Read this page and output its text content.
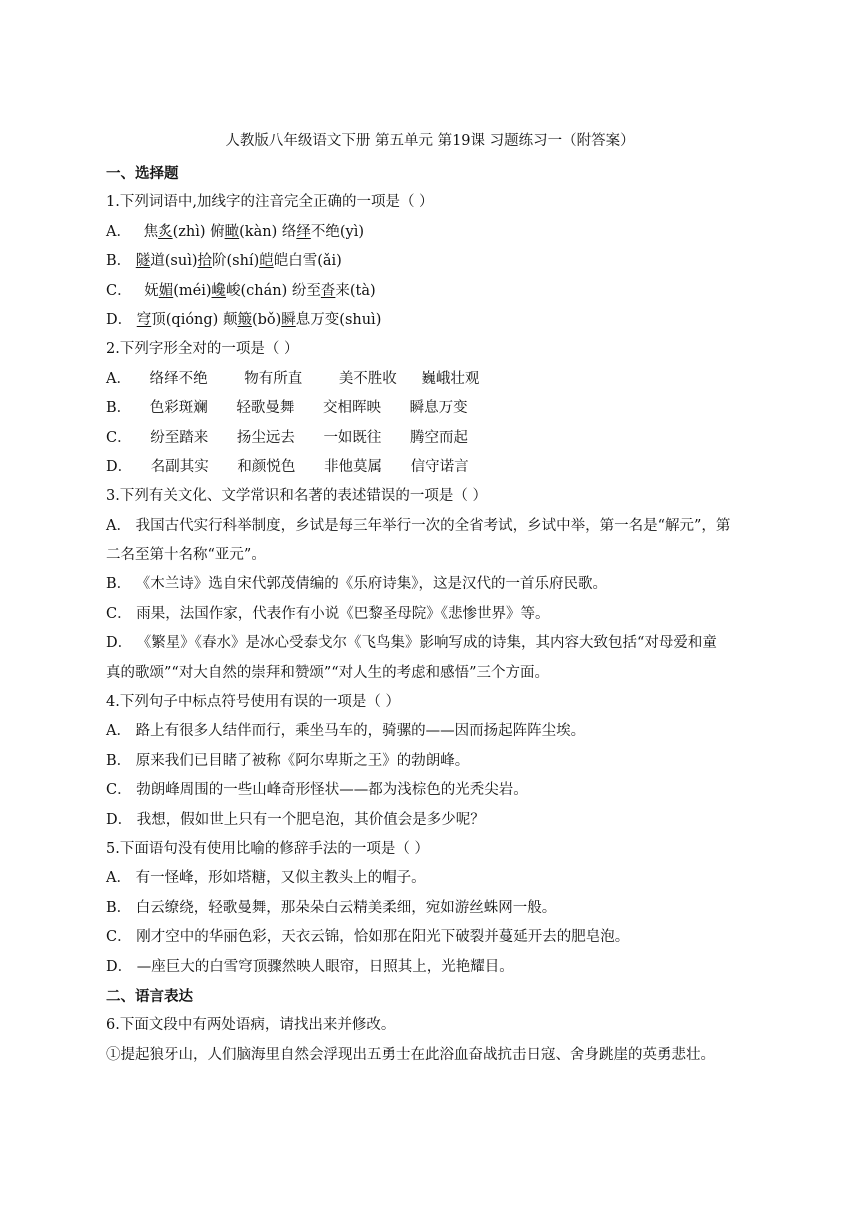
人教版八年级语文下册 第五单元 第19课 习题练习一（附答案）
一、选择题
1.下列词语中,加线字的注音完全正确的一项是（ ）
A． 焦炙(zhì) 俯瞰(kàn) 络绎不绝(yì)
B． 隧道(suì)拾阶(shí)皑皑白雪(ǎi)
C． 妩媚(méi)巉峻(chán) 纷至沓来(tà)
D． 穹顶(qióng) 颠簸(bǒ)瞬息万变(shuì)
2.下列字形全对的一项是（ ）
A． 络绎不绝	物有所直	美不胜收 巍峨壮观
B． 色彩斑斓 轻歌曼舞 交相晖映 瞬息万变
C． 纷至踏来 扬尘远去 一如既往 腾空而起
D． 名副其实 和颜悦色 非他莫属 信守诺言
3.下列有关文化、文学常识和名著的表述错误的一项是（ ）
A． 我国古代实行科举制度，乡试是每三年举行一次的全省考试，乡试中举，第一名是“解元”，第
二名至第十名称“亚元”。
B． 《木兰诗》选自宋代郭茂倩编的《乐府诗集》，这是汉代的一首乐府民歌。
C． 雨果，法国作家，代表作有小说《巴黎圣母院》《悲惨世界》等。
D． 《繁星》《春水》是冰心受泰戈尔《飞鸟集》影响写成的诗集，其内容大致包括“对母爱和童
真的歌颂”“对大自然的崇拜和赞颂”“对人生的考虑和感悟”三个方面。
4.下列句子中标点符号使用有误的一项是（ ）
A． 路上有很多人结伴而行，乘坐马车的，骑骡的——因而扬起阵阵尘埃。
B． 原来我们已目睹了被称《阿尔卑斯之王》的勃朗峰。
C． 勃朗峰周围的一些山峰奇形怪状——都为浅棕色的光秃尖岩。
D． 我想，假如世上只有一个肥皂泡，其价值会是多少呢？
5.下面语句没有使用比喻的修辞手法的一项是（ ）
A． 有一怪峰，形如塔糖，又似主教头上的帽子。
B． 白云缭绕，轻歌曼舞，那朵朵白云精美柔细，宛如游丝蛛网一般。
C． 刚才空中的华丽色彩，天衣云锦，恰如那在阳光下破裂并蔓延开去的肥皂泡。
D． —座巨大的白雪穹顶骤然映人眼帘，日照其上，光艳耀目。
二、语言表达
6.下面文段中有两处语病，请找出来并修改。
①提起狼牙山，人们脑海里自然会浮现出五勇士在此浴血奋战抗击日寇、舍身跳崖的英勇悲壮。
